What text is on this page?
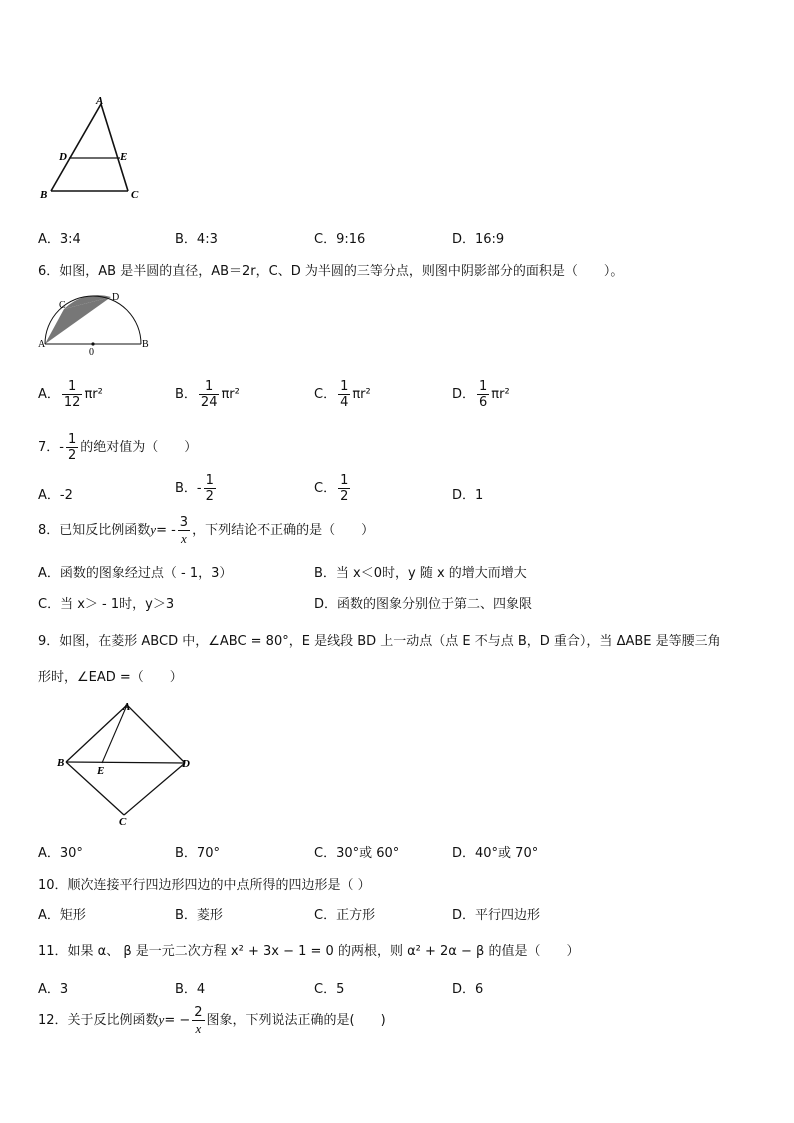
A
D	E
B	C
A．3:4	B．4:3	C．9:16	D．16:9
6．如图，AB 是半圆的直径，AB＝2r，C、D 为半圆的三等分点，则图中阴影部分的面积是（　　）。
C
D
A	B
0
A． $\frac{1}{12} \pi r^2$	B． $\frac{1}{24} \pi r^2$	C． $\frac{1}{4} \pi r^2$	D． $\frac{1}{6} \pi r^2$
7．- $\frac{1}{2}$ 的绝对值为（　　）
A．-2	B．- $\frac{1}{2}$	C． $\frac{1}{2}$	D．1
8．已知反比例函数$y= - \frac{3}{x}$ ，下列结论不正确的是（　　）
A．函数的图象经过点（ - 1，3）	B．当 x＜0时，y 随 x 的增大而增大
C．当 x＞ - 1时，y＞3	D．函数的图象分别位于第二、四象限
9．如图，在菱形 ABCD 中，∠ABC = 80°，E 是线段 BD 上一动点（点 E 不与点 B，D 重合），当 ΔABE 是等腰三角
形时，∠EAD =（　　）
A
B
E
D
C
A．30°	B．70°	C．30°或 60°	D．40°或 70°
10．顺次连接平行四边形四边的中点所得的四边形是（ ）
A．矩形	B．菱形	C．正方形	D．平行四边形
11．如果 α、 β 是一元二次方程 x² + 3x − 1 = 0 的两根，则 α² + 2α − β 的值是（　　）
A．3	B．4	C．5	D．6
12．关于反比例函数$y= - \frac{2}{x}$ 图象，下列说法正确的是(　　)
